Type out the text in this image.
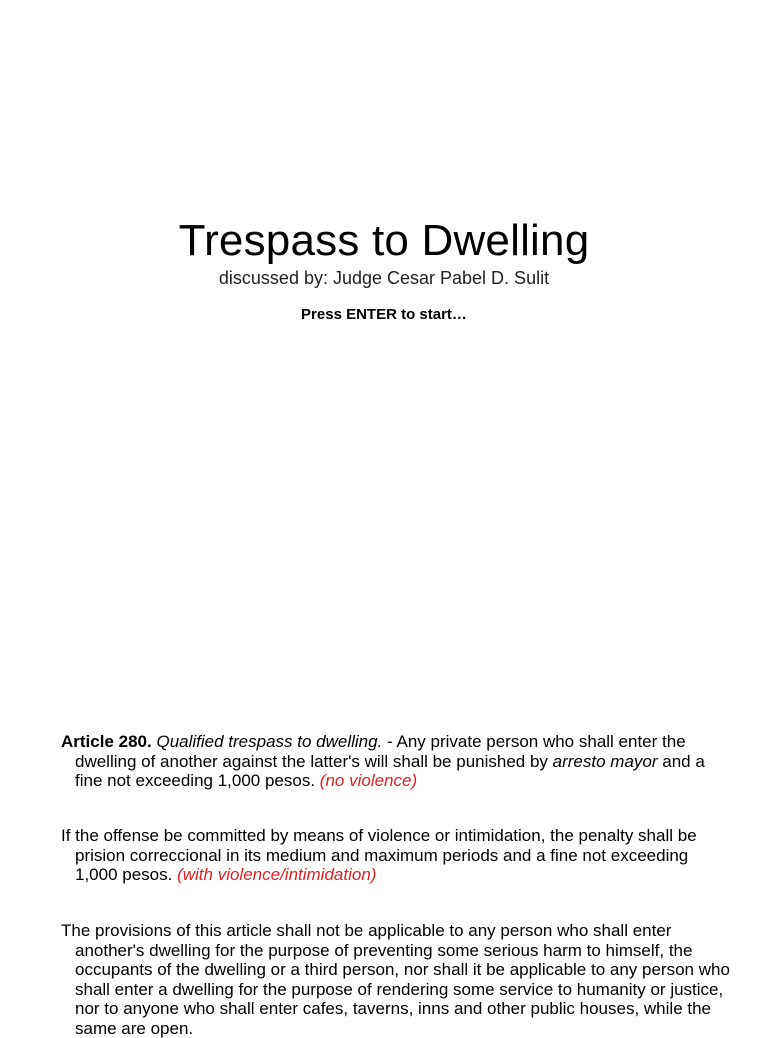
Trespass to Dwelling
discussed by: Judge Cesar Pabel D. Sulit
Press ENTER to start…

Article 280. Qualified trespass to dwelling. - Any private person who shall enter the dwelling of another against the latter's will shall be punished by arresto mayor and a fine not exceeding 1,000 pesos. (no violence)

If the offense be committed by means of violence or intimidation, the penalty shall be prision correccional in its medium and maximum periods and a fine not exceeding 1,000 pesos. (with violence/intimidation)

The provisions of this article shall not be applicable to any person who shall enter another's dwelling for the purpose of preventing some serious harm to himself, the occupants of the dwelling or a third person, nor shall it be applicable to any person who shall enter a dwelling for the purpose of rendering some service to humanity or justice, nor to anyone who shall enter cafes, taverns, inns and other public houses, while the same are open.
